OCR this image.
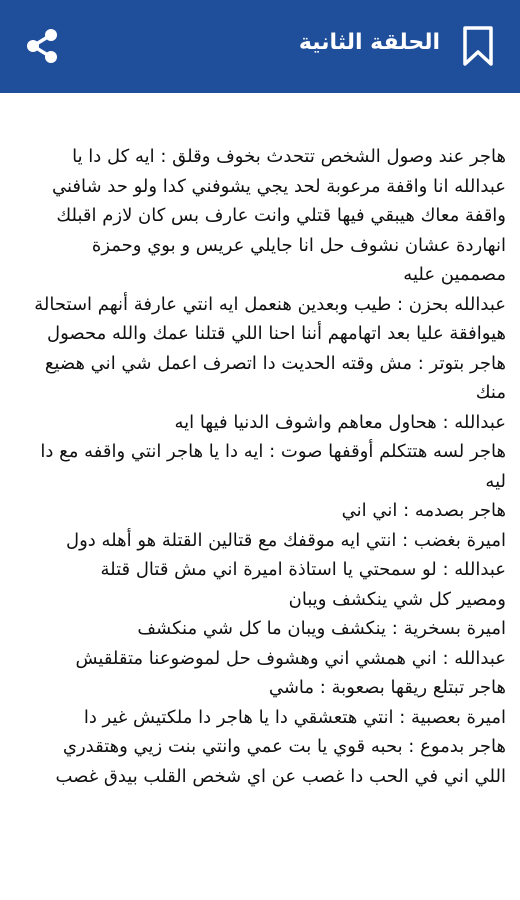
الحلقة الثانية
هاجر عند وصول الشخص تتحدث بخوف وقلق : ايه كل دا يا
عبدالله انا واقفة مرعوبة لحد يجي يشوفني كدا ولو حد شافني
واقفة معاك هيبقي فيها قتلي وانت عارف بس كان لازم اقبلك
انهاردة عشان نشوف حل انا جايلي عريس و بوي وحمزة
مصممين عليه
عبدالله بحزن : طيب وبعدين هنعمل ايه انتي عارفة أنهم استحالة
هيوافقة عليا بعد اتهامهم أننا احنا اللي قتلنا عمك والله محصول
هاجر بتوتر : مش وقته الحديت دا اتصرف اعمل شي اني هضيع
منك
عبدالله : هحاول معاهم واشوف الدنيا فيها ايه
هاجر لسه هتتكلم أوقفها صوت : ايه دا يا هاجر انتي واقفه مع دا
ليه
هاجر بصدمه : اني اني
اميرة بغضب : انتي ايه موقفك مع قتالين القتلة هو أهله دول
عبدالله : لو سمحتي يا استاذة اميرة اني مش قتال قتلة
ومصير كل شي ينكشف ويبان
اميرة بسخرية : ينكشف ويبان ما كل شي منكشف
عبدالله : اني همشي اني وهشوف حل لموضوعنا متقلقيش
هاجر تبتلع ريقها بصعوبة : ماشي
اميرة بعصبية : انتي هتعشقي دا يا هاجر دا ملكتيش غير دا
هاجر بدموع : بحبه قوي يا بت عمي وانتي بنت زيي وهتقدري
اللي اني في الحب دا غصب عن اي شخص القلب بيدق غصب
